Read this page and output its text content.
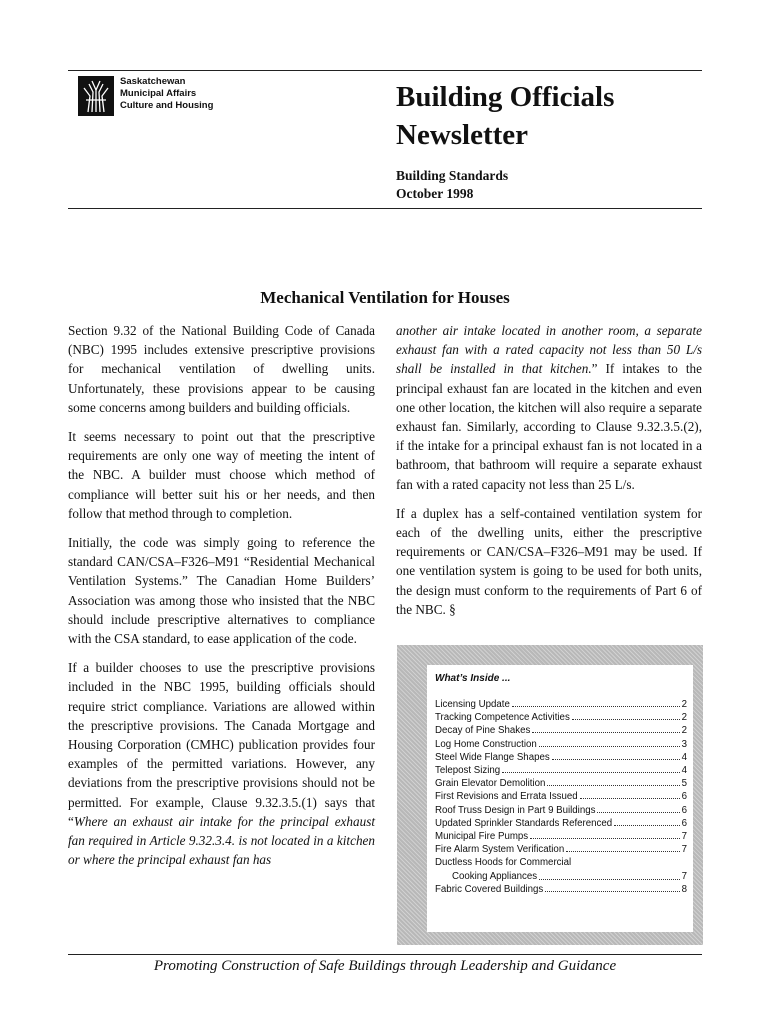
Saskatchewan
Municipal Affairs
Culture and Housing	Building Officials
Newsletter
Building Standards
October 1998
Mechanical Ventilation for Houses

Section 9.32 of the National Building Code of Canada (NBC) 1995 includes extensive prescriptive provisions for mechanical ventilation of dwelling units. Unfortunately, these provisions appear to be causing some concerns among builders and building officials.

It seems necessary to point out that the prescriptive requirements are only one way of meeting the intent of the NBC. A builder must choose which method of compliance will better suit his or her needs, and then follow that method through to completion.

Initially, the code was simply going to reference the standard CAN/CSA–F326–M91 “Residential Mechanical Ventilation Systems.” The Canadian Home Builders’ Association was among those who insisted that the NBC should include prescriptive alternatives to compliance with the CSA standard, to ease application of the code.

If a builder chooses to use the prescriptive provisions included in the NBC 1995, building officials should require strict compliance. Variations are allowed within the prescriptive provisions. The Canada Mortgage and Housing Corporation (CMHC) publication provides four examples of the permitted variations. However, any deviations from the prescriptive provisions should not be permitted. For example, Clause 9.32.3.5.(1) says that “Where an exhaust air intake for the principal exhaust fan required in Article 9.32.3.4. is not located in a kitchen or where the principal exhaust fan has

another air intake located in another room, a separate exhaust fan with a rated capacity not less than 50 L/s shall be installed in that kitchen.” If intakes to the principal exhaust fan are located in the kitchen and even one other location, the kitchen will also require a separate exhaust fan. Similarly, according to Clause 9.32.3.5.(2), if the intake for a principal exhaust fan is not located in a bathroom, that bathroom will require a separate exhaust fan with a rated capacity not less than 25 L/s.

If a duplex has a self-contained ventilation system for each of the dwelling units, either the prescriptive requirements or CAN/CSA–F326–M91 may be used. If one ventilation system is going to be used for both units, the design must conform to the requirements of Part 6 of the NBC. §

What’s Inside ...
Licensing Update	2
Tracking Competence Activities	2
Decay of Pine Shakes	2
Log Home Construction	3
Steel Wide Flange Shapes	4
Telepost Sizing	4
Grain Elevator Demolition	5
First Revisions and Errata Issued	6
Roof Truss Design in Part 9 Buildings	6
Updated Sprinkler Standards Referenced	6
Municipal Fire Pumps	7
Fire Alarm System Verification	7
Ductless Hoods for Commercial
Cooking Appliances	7
Fabric Covered Buildings	8
Promoting Construction of Safe Buildings through Leadership and Guidance
